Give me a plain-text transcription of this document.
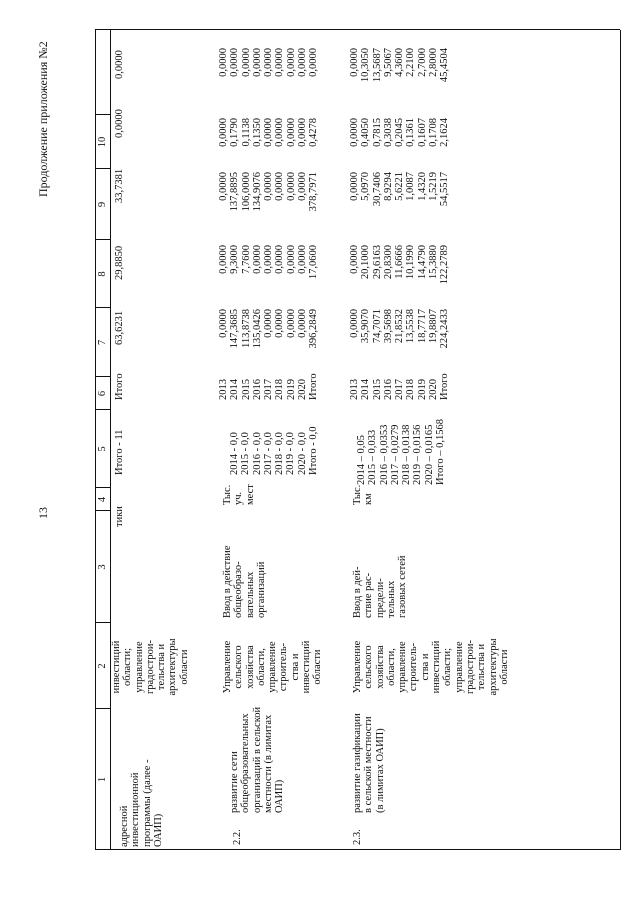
13
Продолжение приложения №2
1
2
3
4
5
6
7
8
9
10
адресной
инвестиционной
программы (далее -
ОАИП)
инвестиций
области;
управление
градострои-
тельства и
архитектуры
области
тики
Итого - 11
Итого
63,6231
29,8850
33,7381
0,0000
0,0000
2.2.
развитие сети
общеобразовательных
организаций в сельской
местности (в лимитах
ОАИП)
Управление
сельского
хозяйства
области,
управление
строитель-
ства и
инвестиций
области
Ввод в действие
общеобразо-
вательных
организаций
Тыс.
уч.
мест
2014 - 0,0
2015 - 0,0
2016 - 0,0
2017 - 0,0
2018 - 0,0
2019 - 0,0
2020 - 0,0
Итого - 0,0
2013
2014
2015
2016
2017
2018
2019
2020
Итого
0,0000
147,3685
113,8738
135,0426
0,0000
0,0000
0,0000
0,0000
396,2849
0,0000
9,3000
7,7600
0,0000
0,0000
0,0000
0,0000
0,0000
17,0600
0,0000
137,8895
106,0000
134,9076
0,0000
0,0000
0,0000
0,0000
378,7971
0,0000
0,1790
0,1138
0,1350
0,0000
0,0000
0,0000
0,0000
0,4278
0,0000
0,0000
0,0000
0,0000
0,0000
0,0000
0,0000
0,0000
0,0000
2.3.
развитие газификации
в сельской местности
(в лимитах ОАИП)
Управление
сельского
хозяйства
области,
управление
строитель-
ства и
инвестиций
области;
управление
градострои-
тельства и
архитектуры
области
Ввод в дей-
ствие рас-
предели-
тельных
газовых сетей
Тыс.
км
2014 – 0,05
2015 – 0,033
2016 – 0,0353
2017 – 0,0279
2018 – 0,0138
2019 – 0,0156
2020 – 0,0165
Итого – 0,1568
2013
2014
2015
2016
2017
2018
2019
2020
Итого
0,0000
35,9070
74,7071
39,5698
21,8532
13,5538
18,7717
19,8807
224,2433
0,0000
20,1000
29,6163
20,8300
11,6666
10,1990
14,4790
15,3880
122,2789
0,0000
5,0970
30,7406
8,9294
5,6221
1,0087
1,4320
1,5219
54,5517
0,0000
0,4050
0,7815
0,3038
0,2045
0,1361
0,1607
0,1708
2,1624
0,0000
10,3050
13,5687
9,5067
4,3600
2,2100
2,7000
2,8000
45,4504
